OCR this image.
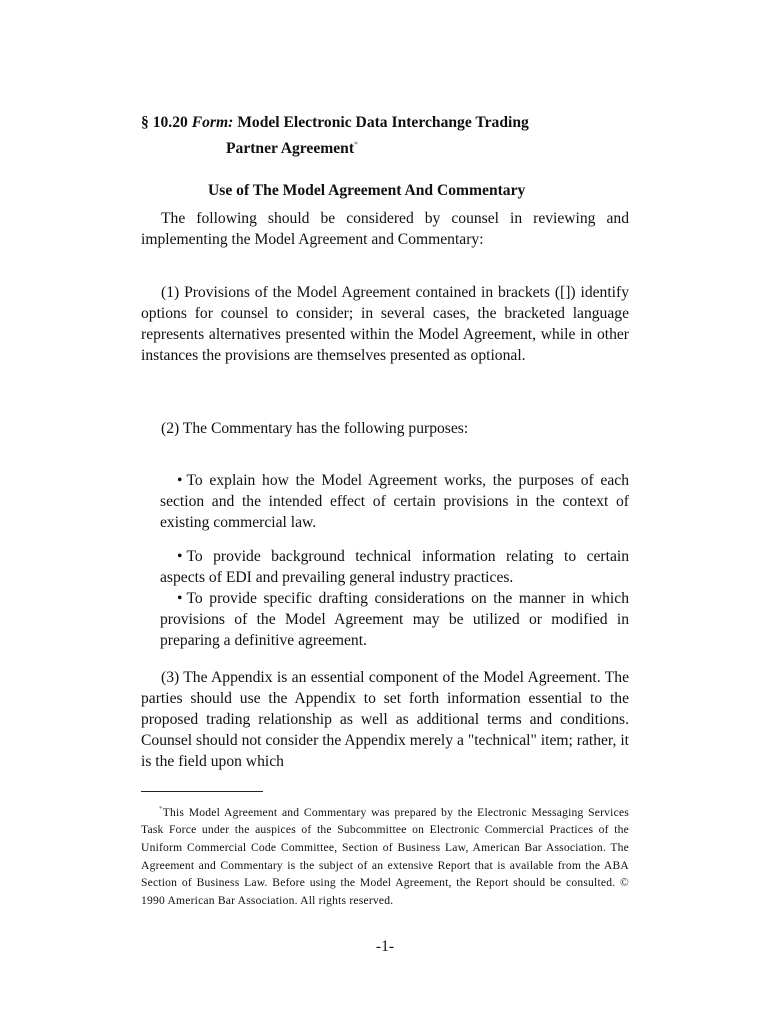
§ 10.20 Form: Model Electronic Data Interchange Trading
Partner Agreement*
Use of The Model Agreement And Commentary
The following should be considered by counsel in reviewing and implementing the Model Agreement and Commentary:
(1) Provisions of the Model Agreement contained in brackets ([]) identify options for counsel to consider; in several cases, the bracketed language represents alternatives presented within the Model Agreement, while in other instances the provisions are themselves presented as optional.
(2) The Commentary has the following purposes:
• To explain how the Model Agreement works, the purposes of each section and the intended effect of certain provisions in the context of existing commercial law.
• To provide background technical information relating to certain aspects of EDI and prevailing general industry practices.
• To provide specific drafting considerations on the manner in which provisions of the Model Agreement may be utilized or modified in preparing a definitive agreement.
(3) The Appendix is an essential component of the Model Agreement. The parties should use the Appendix to set forth information essential to the proposed trading relationship as well as additional terms and conditions. Counsel should not consider the Appendix merely a "technical" item; rather, it is the field upon which
*This Model Agreement and Commentary was prepared by the Electronic Messaging Services Task Force under the auspices of the Subcommittee on Electronic Commercial Practices of the Uniform Commercial Code Committee, Section of Business Law, American Bar Association. The Agreement and Commentary is the subject of an extensive Report that is available from the ABA Section of Business Law. Before using the Model Agreement, the Report should be consulted. © 1990 American Bar Association. All rights reserved.
-1-
